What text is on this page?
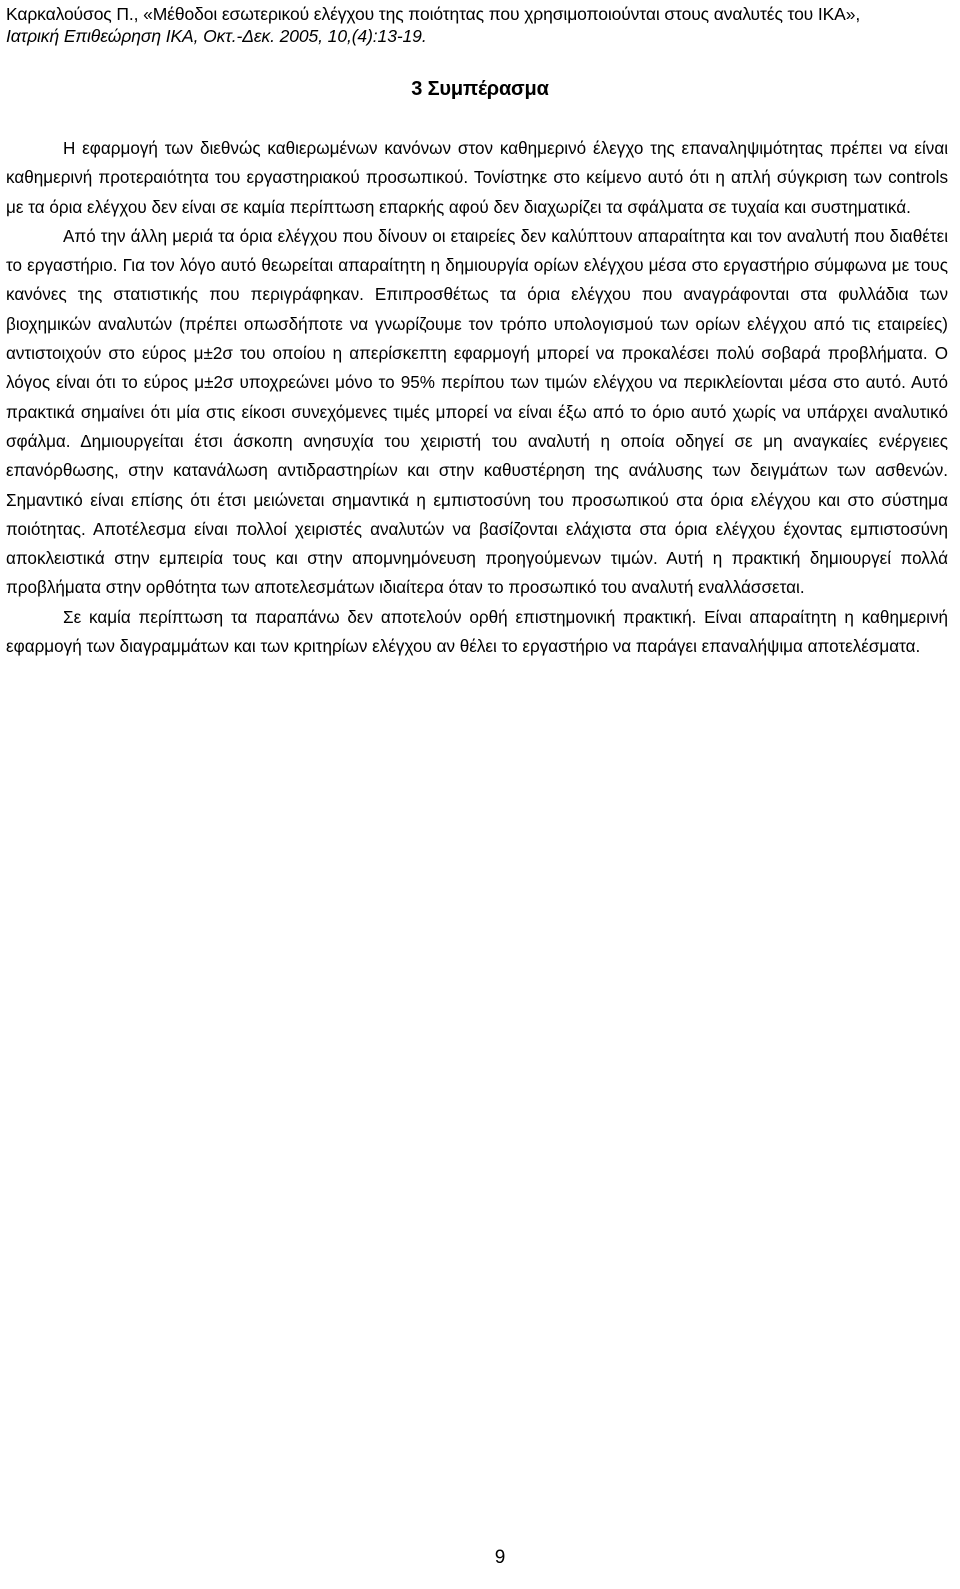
Καρκαλούσος Π., «Μέθοδοι εσωτερικού ελέγχου της ποιότητας που χρησιμοποιούνται στους αναλυτές του ΙΚΑ»,
Ιατρική Επιθεώρηση ΙΚΑ, Οκτ.-Δεκ. 2005, 10,(4):13-19.
3 Συμπέρασμα

Η εφαρμογή των διεθνώς καθιερωμένων κανόνων στον καθημερινό έλεγχο της επαναληψιμότητας πρέπει να είναι καθημερινή προτεραιότητα του εργαστηριακού προσωπικού. Τονίστηκε στο κείμενο αυτό ότι η απλή σύγκριση των controls με τα όρια ελέγχου δεν είναι σε καμία περίπτωση επαρκής αφού δεν διαχωρίζει τα σφάλματα σε τυχαία και συστηματικά.

Από την άλλη μεριά τα όρια ελέγχου που δίνουν οι εταιρείες δεν καλύπτουν απαραίτητα και τον αναλυτή που διαθέτει το εργαστήριο. Για τον λόγο αυτό θεωρείται απαραίτητη η δημιουργία ορίων ελέγχου μέσα στο εργαστήριο σύμφωνα με τους κανόνες της στατιστικής που περιγράφηκαν. Επιπροσθέτως τα όρια ελέγχου που αναγράφονται στα φυλλάδια των βιοχημικών αναλυτών (πρέπει οπωσδήποτε να γνωρίζουμε τον τρόπο υπολογισμού των ορίων ελέγχου από τις εταιρείες) αντιστοιχούν στο εύρος μ±2σ του οποίου η απερίσκεπτη εφαρμογή μπορεί να προκαλέσει πολύ σοβαρά προβλήματα. Ο λόγος είναι ότι το εύρος μ±2σ υποχρεώνει μόνο το 95% περίπου των τιμών ελέγχου να περικλείονται μέσα στο αυτό. Αυτό πρακτικά σημαίνει ότι μία στις είκοσι συνεχόμενες τιμές μπορεί να είναι έξω από το όριο αυτό χωρίς να υπάρχει αναλυτικό σφάλμα. Δημιουργείται έτσι άσκοπη ανησυχία του χειριστή του αναλυτή η οποία οδηγεί σε μη αναγκαίες ενέργειες επανόρθωσης, στην κατανάλωση αντιδραστηρίων και στην καθυστέρηση της ανάλυσης των δειγμάτων των ασθενών. Σημαντικό είναι επίσης ότι έτσι μειώνεται σημαντικά η εμπιστοσύνη του προσωπικού στα όρια ελέγχου και στο σύστημα ποιότητας. Αποτέλεσμα είναι πολλοί χειριστές αναλυτών να βασίζονται ελάχιστα στα όρια ελέγχου έχοντας εμπιστοσύνη αποκλειστικά στην εμπειρία τους και στην απομνημόνευση προηγούμενων τιμών. Αυτή η πρακτική δημιουργεί πολλά προβλήματα στην ορθότητα των αποτελεσμάτων ιδιαίτερα όταν το προσωπικό του αναλυτή εναλλάσσεται.

Σε καμία περίπτωση τα παραπάνω δεν αποτελούν ορθή επιστημονική πρακτική. Είναι απαραίτητη η καθημερινή εφαρμογή των διαγραμμάτων και των κριτηρίων ελέγχου αν θέλει το εργαστήριο να παράγει επαναλήψιμα αποτελέσματα.

9
